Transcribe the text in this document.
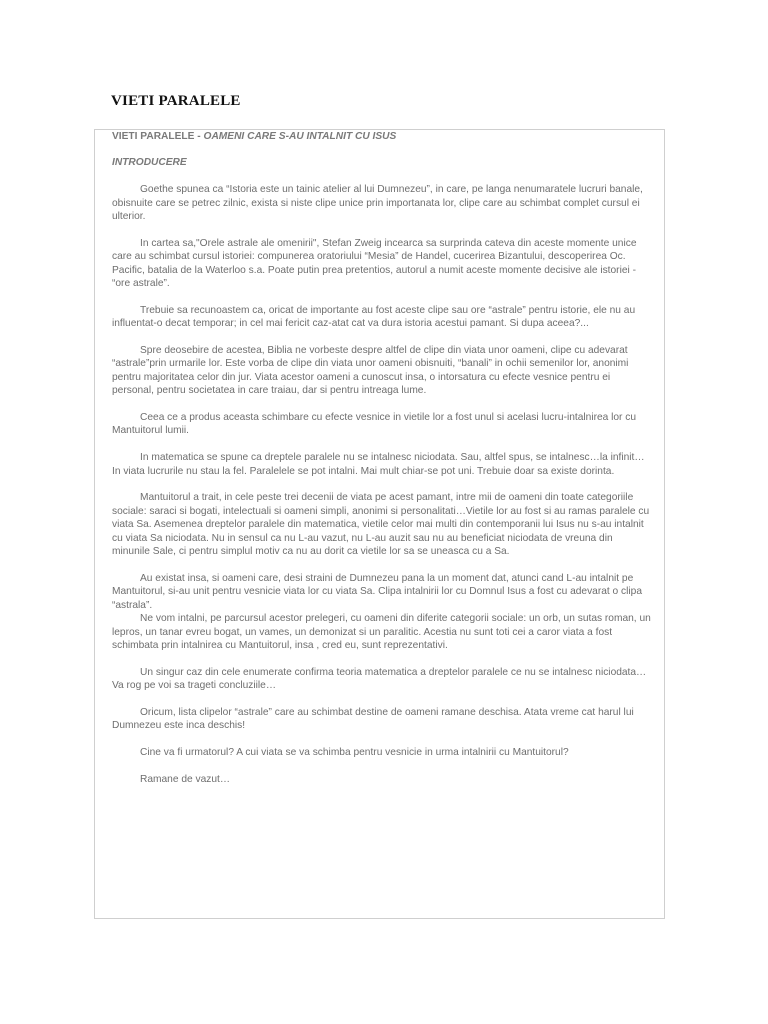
VIETI PARALELE
VIETI PARALELE - OAMENI CARE S-AU INTALNIT CU ISUS
INTRODUCERE

Goethe spunea ca “Istoria este un tainic atelier al lui Dumnezeu”, in care, pe langa nenumaratele lucruri banale, obisnuite care se petrec zilnic, exista si niste clipe unice prin importanata lor, clipe care au schimbat complet cursul ei ulterior.

In cartea sa,"Orele astrale ale omenirii", Stefan Zweig incearca sa surprinda cateva din aceste momente unice care au schimbat cursul istoriei: compunerea oratoriului “Mesia” de Handel, cucerirea Bizantului, descoperirea Oc. Pacific, batalia de la Waterloo s.a. Poate putin prea pretentios, autorul a numit aceste momente decisive ale istoriei - “ore astrale”.

Trebuie sa recunoastem ca, oricat de importante au fost aceste clipe sau ore “astrale” pentru istorie, ele nu au influentat-o decat temporar; in cel mai fericit caz-atat cat va dura istoria acestui pamant. Si dupa aceea?...

Spre deosebire de acestea, Biblia ne vorbeste despre altfel de clipe din viata unor oameni, clipe cu adevarat “astrale”prin urmarile lor. Este vorba de clipe din viata unor oameni obisnuiti, “banali” in ochii semenilor lor, anonimi pentru majoritatea celor din jur. Viata acestor oameni a cunoscut insa, o intorsatura cu efecte vesnice pentru ei personal, pentru societatea in care traiau, dar si pentru intreaga lume.

Ceea ce a produs aceasta schimbare cu efecte vesnice in vietile lor a fost unul si acelasi lucru-intalnirea lor cu Mantuitorul lumii.

In matematica se spune ca dreptele paralele nu se intalnesc niciodata. Sau, altfel spus, se intalnesc…la infinit…In viata lucrurile nu stau la fel. Paralelele se pot intalni. Mai mult chiar-se pot uni. Trebuie doar sa existe dorinta.

Mantuitorul a trait, in cele peste trei decenii de viata pe acest pamant, intre mii de oameni din toate categoriile sociale: saraci si bogati, intelectuali si oameni simpli, anonimi si personalitati…Vietile lor au fost si au ramas paralele cu viata Sa. Asemenea dreptelor paralele din matematica, vietile celor mai multi din contemporanii lui Isus nu s-au intalnit cu viata Sa niciodata. Nu in sensul ca nu L-au vazut, nu L-au auzit sau nu au beneficiat niciodata de vreuna din minunile Sale, ci pentru simplul motiv ca nu au dorit ca vietile lor sa se uneasca cu a Sa.

Au existat insa, si oameni care, desi straini de Dumnezeu pana la un moment dat, atunci cand L-au intalnit pe Mantuitorul, si-au unit pentru vesnicie viata lor cu viata Sa. Clipa intalnirii lor cu Domnul Isus a fost cu adevarat o clipa “astrala”.

Ne vom intalni, pe parcursul acestor prelegeri, cu oameni din diferite categorii sociale: un orb, un sutas roman, un lepros, un tanar evreu bogat, un vames, un demonizat si un paralitic. Acestia nu sunt toti cei a caror viata a fost schimbata prin intalnirea cu Mantuitorul, insa , cred eu, sunt reprezentativi.

Un singur caz din cele enumerate confirma teoria matematica a dreptelor paralele ce nu se intalnesc niciodata…Va rog pe voi sa trageti concluziile…

Oricum, lista clipelor “astrale” care au schimbat destine de oameni ramane deschisa. Atata vreme cat harul lui Dumnezeu este inca deschis!

Cine va fi urmatorul? A cui viata se va schimba pentru vesnicie in urma intalnirii cu Mantuitorul?

Ramane de vazut…
